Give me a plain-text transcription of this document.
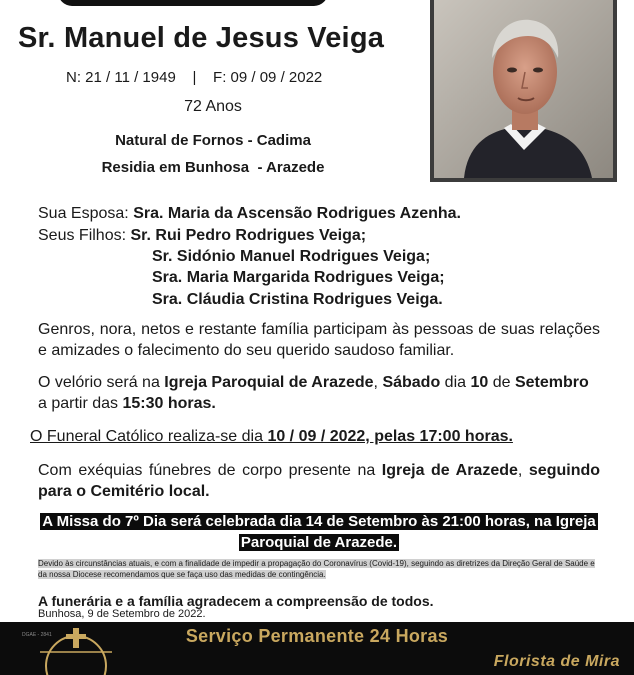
Sr. Manuel de Jesus Veiga
N: 21 / 11 / 1949    |    F: 09 / 09 / 2022
72 Anos
Natural de Fornos - Cadima
Residia em Bunhosa  - Arazede
Sua Esposa: Sra. Maria da Ascensão Rodrigues Azenha.
Seus Filhos: Sr. Rui Pedro Rodrigues Veiga;
Sr. Sidónio Manuel Rodrigues Veiga;
Sra. Maria Margarida Rodrigues Veiga;
Sra. Cláudia Cristina Rodrigues Veiga.
Genros, nora, netos e restante família participam às pessoas de suas relações e amizades o falecimento do seu querido saudoso familiar.
O velório será na Igreja Paroquial de Arazede, Sábado dia 10 de Setembro a partir das 15:30 horas.
O Funeral Católico realiza-se dia 10 / 09 / 2022, pelas 17:00 horas.
Com exéquias fúnebres de corpo presente na Igreja de Arazede, seguindo para o Cemitério local.
A Missa do 7º Dia será celebrada dia 14 de Setembro às 21:00 horas, na Igreja Paroquial de Arazede.
Devido às circunstâncias atuais, e com a finalidade de impedir a propagação do Coronavírus (Covid-19), seguindo as diretrizes da Direção Geral de Saúde e da nossa Diocese recomendamos que se faça uso das medidas de contingência.
A funerária e a família agradecem a compreensão de todos.
Bunhosa, 9 de Setembro de 2022.
DGAE - 2841	Serviço Permanente 24 Horas
Florista de Mira
